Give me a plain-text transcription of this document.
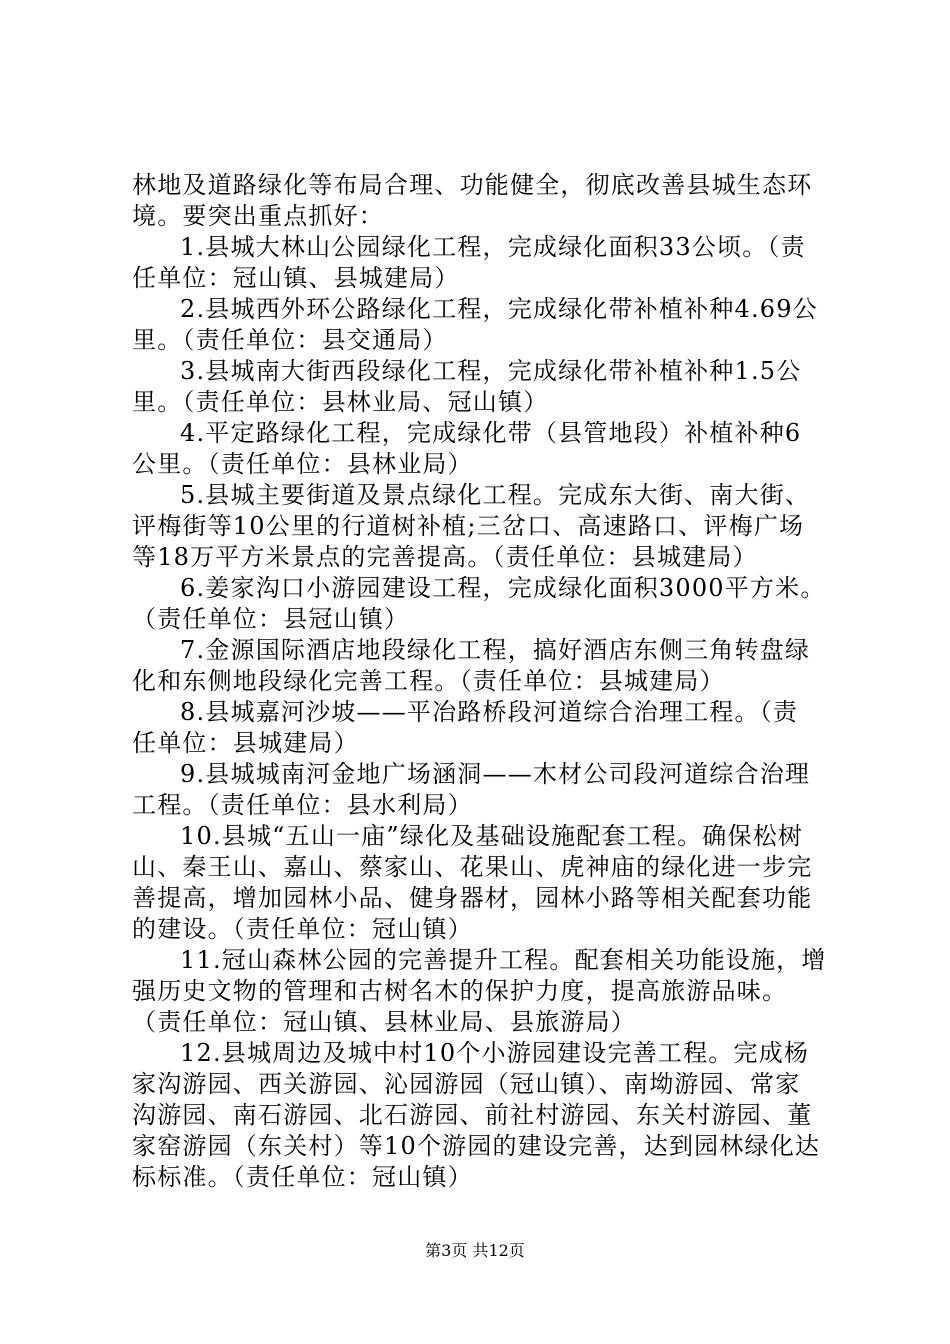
林地及道路绿化等布局合理、功能健全，彻底改善县城生态环
境。要突出重点抓好：
1.县城大林山公园绿化工程，完成绿化面积33公顷。（责
任单位：冠山镇、县城建局）
2.县城西外环公路绿化工程，完成绿化带补植补种4.69公
里。（责任单位：县交通局）
3.县城南大街西段绿化工程，完成绿化带补植补种1.5公
里。（责任单位：县林业局、冠山镇）
4.平定路绿化工程，完成绿化带（县管地段）补植补种6
公里。（责任单位：县林业局）
5.县城主要街道及景点绿化工程。完成东大街、南大街、
评梅街等10公里的行道树补植;三岔口、高速路口、评梅广场
等18万平方米景点的完善提高。（责任单位：县城建局）
6.姜家沟口小游园建设工程，完成绿化面积3000平方米。
（责任单位：县冠山镇）
7.金源国际酒店地段绿化工程，搞好酒店东侧三角转盘绿
化和东侧地段绿化完善工程。（责任单位：县城建局）
8.县城嘉河沙坡——平冶路桥段河道综合治理工程。（责
任单位：县城建局）
9.县城城南河金地广场涵洞——木材公司段河道综合治理
工程。（责任单位：县水利局）
10.县城“五山一庙”绿化及基础设施配套工程。确保松树
山、秦王山、嘉山、蔡家山、花果山、虎神庙的绿化进一步完
善提高，增加园林小品、健身器材，园林小路等相关配套功能
的建设。（责任单位：冠山镇）
11.冠山森林公园的完善提升工程。配套相关功能设施，增
强历史文物的管理和古树名木的保护力度，提高旅游品味。
（责任单位：冠山镇、县林业局、县旅游局）
12.县城周边及城中村10个小游园建设完善工程。完成杨
家沟游园、西关游园、沁园游园（冠山镇）、南坳游园、常家
沟游园、南石游园、北石游园、前社村游园、东关村游园、董
家窑游园（东关村）等10个游园的建设完善，达到园林绿化达
标标准。（责任单位：冠山镇）
第3页 共12页
